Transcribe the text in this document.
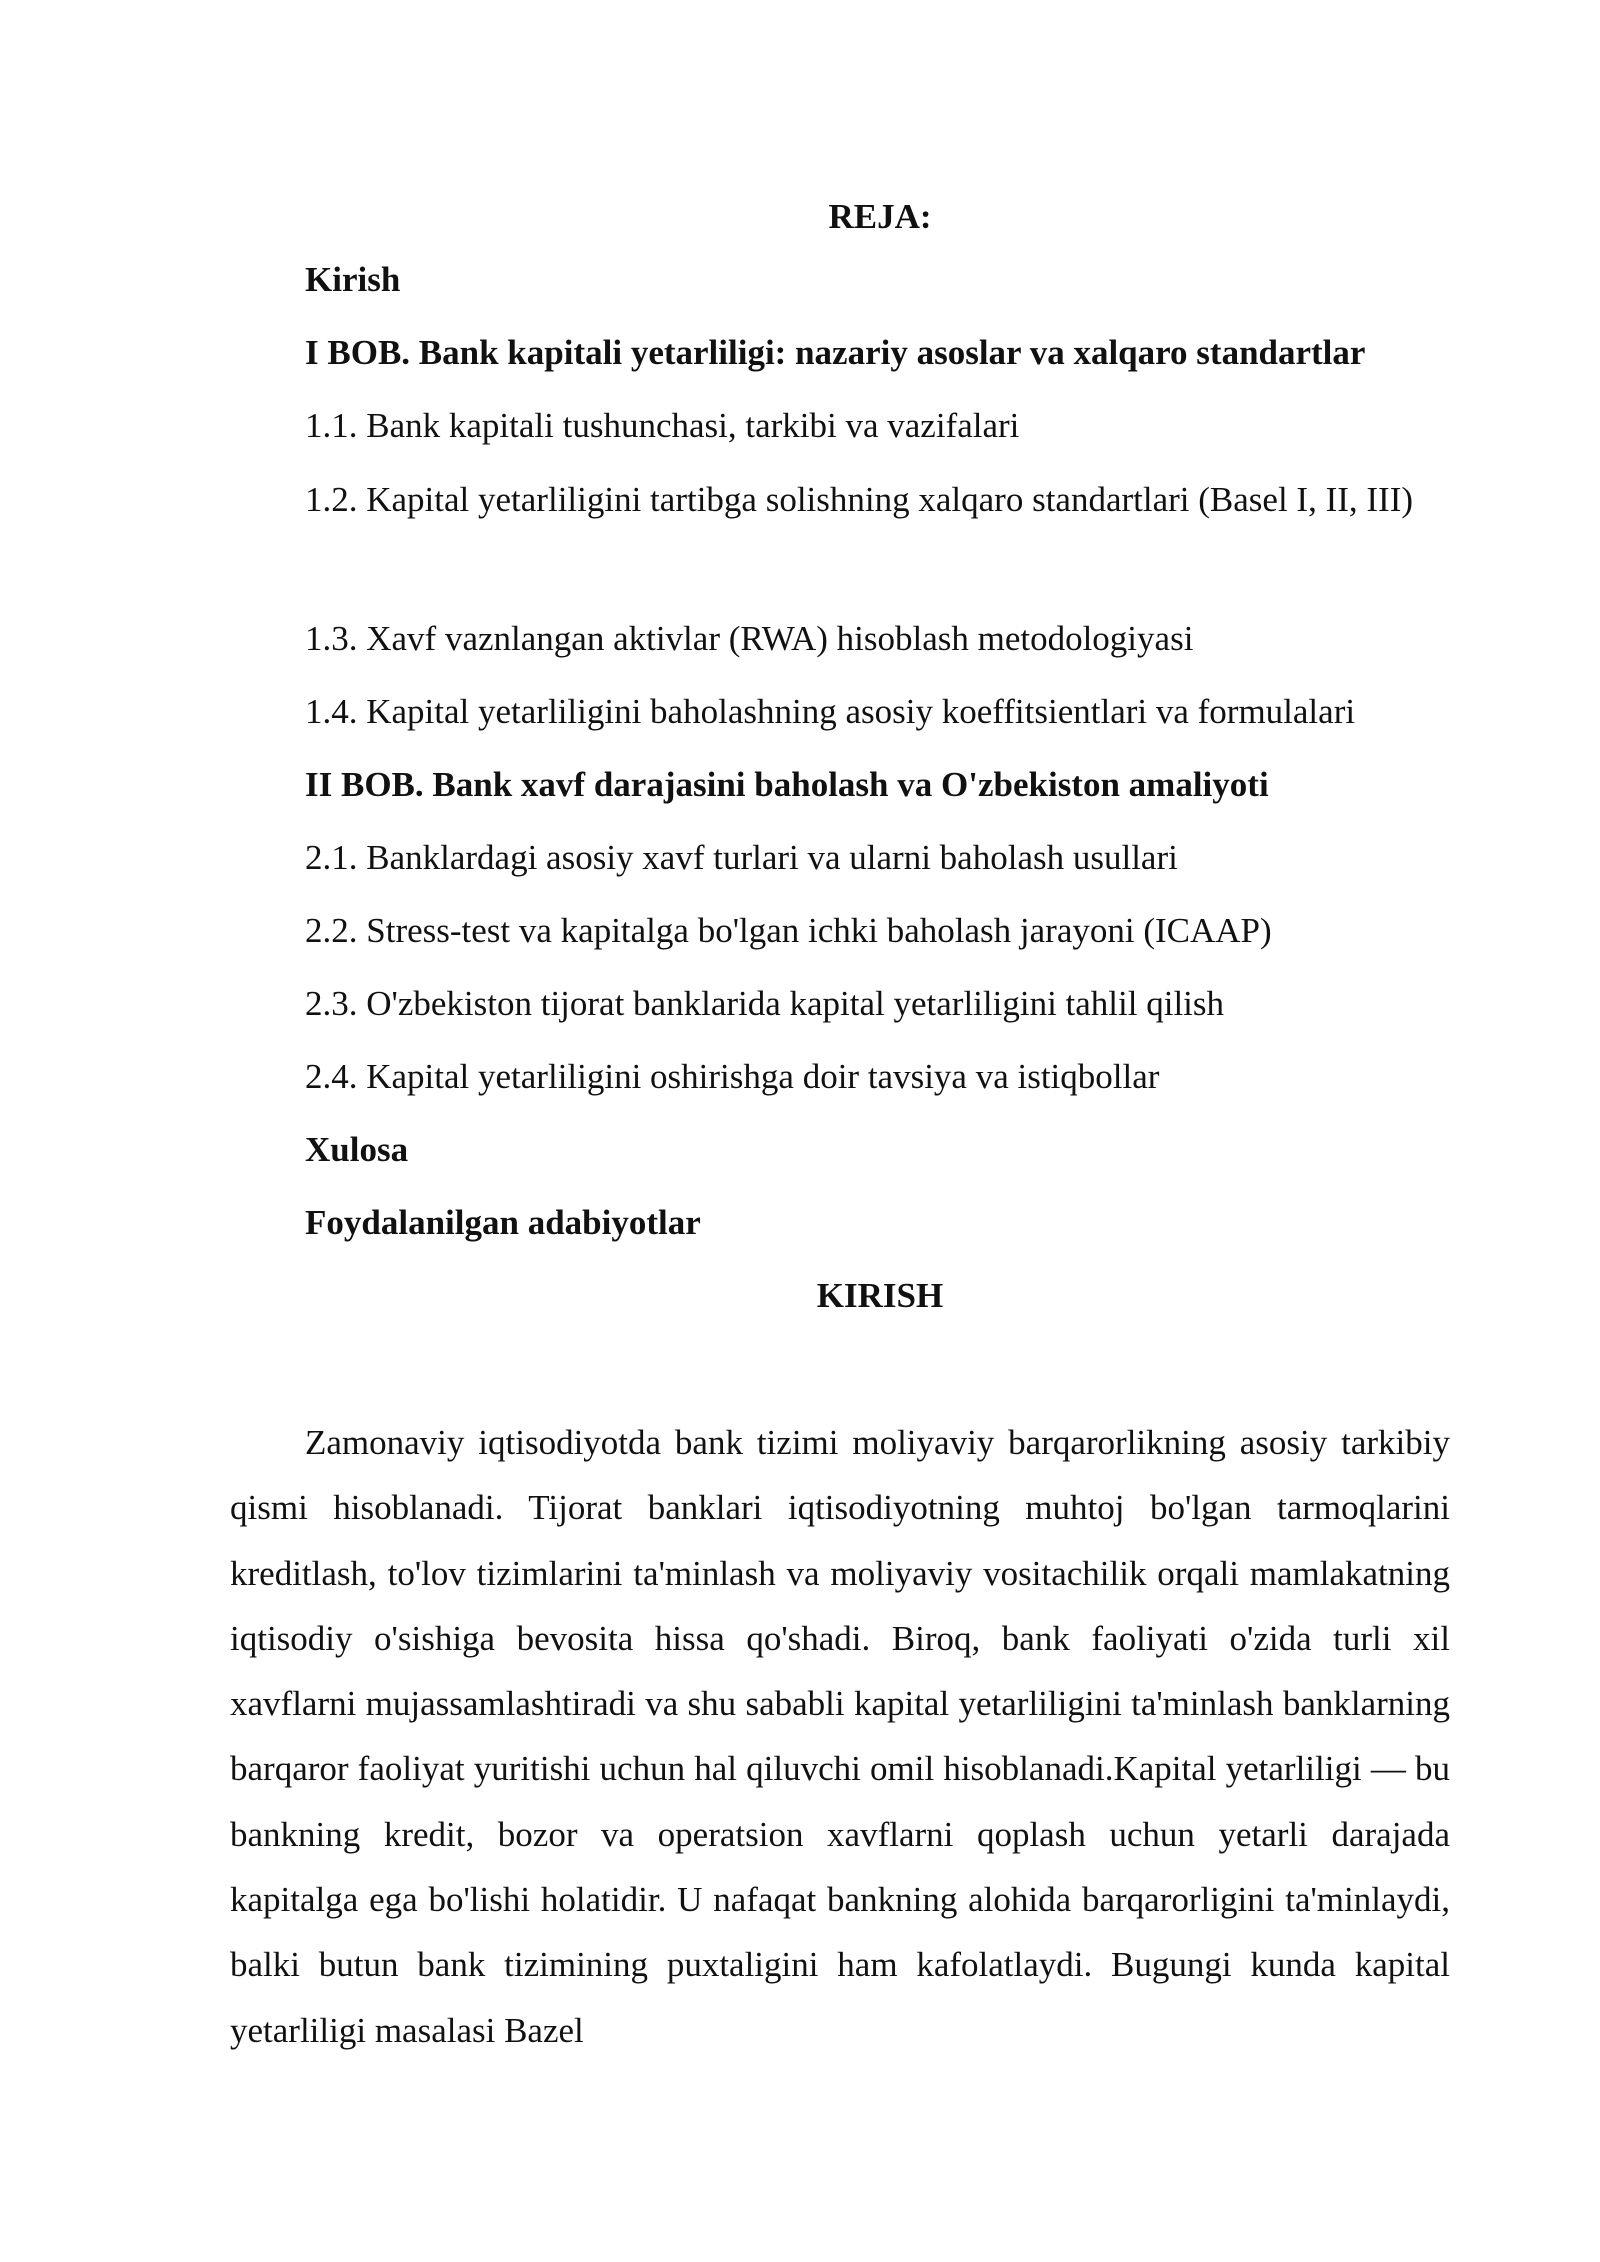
REJA:
Kirish
I BOB. Bank kapitali yetarliligi: nazariy asoslar va xalqaro standartlar
1.1. Bank kapitali tushunchasi, tarkibi va vazifalari
1.2. Kapital yetarliligini tartibga solishning xalqaro standartlari (Basel I, II, III)
1.3. Xavf vaznlangan aktivlar (RWA) hisoblash metodologiyasi
1.4. Kapital yetarliligini baholashning asosiy koeffitsientlari va formulalari
II BOB. Bank xavf darajasini baholash va O'zbekiston amaliyoti
2.1. Banklardagi asosiy xavf turlari va ularni baholash usullari
2.2. Stress-test va kapitalga bo'lgan ichki baholash jarayoni (ICAAP)
2.3. O'zbekiston tijorat banklarida kapital yetarliligini tahlil qilish
2.4. Kapital yetarliligini oshirishga doir tavsiya va istiqbollar
Xulosa
Foydalanilgan adabiyotlar
KIRISH

Zamonaviy iqtisodiyotda bank tizimi moliyaviy barqarorlikning asosiy tarkibiy qismi hisoblanadi. Tijorat banklari iqtisodiyotning muhtoj bo'lgan tarmoqlarini kreditlash, to'lov tizimlarini ta'minlash va moliyaviy vositachilik orqali mamlakatning iqtisodiy o'sishiga bevosita hissa qo'shadi. Biroq, bank faoliyati o'zida turli xil xavflarni mujassamlashtiradi va shu sababli kapital yetarliligini ta'minlash banklarning barqaror faoliyat yuritishi uchun hal qiluvchi omil hisoblanadi.Kapital yetarliligi — bu bankning kredit, bozor va operatsion xavflarni qoplash uchun yetarli darajada kapitalga ega bo'lishi holatidir. U nafaqat bankning alohida barqarorligini ta'minlaydi, balki butun bank tizimining puxtaligini ham kafolatlaydi. Bugungi kunda kapital yetarliligi masalasi Bazel
